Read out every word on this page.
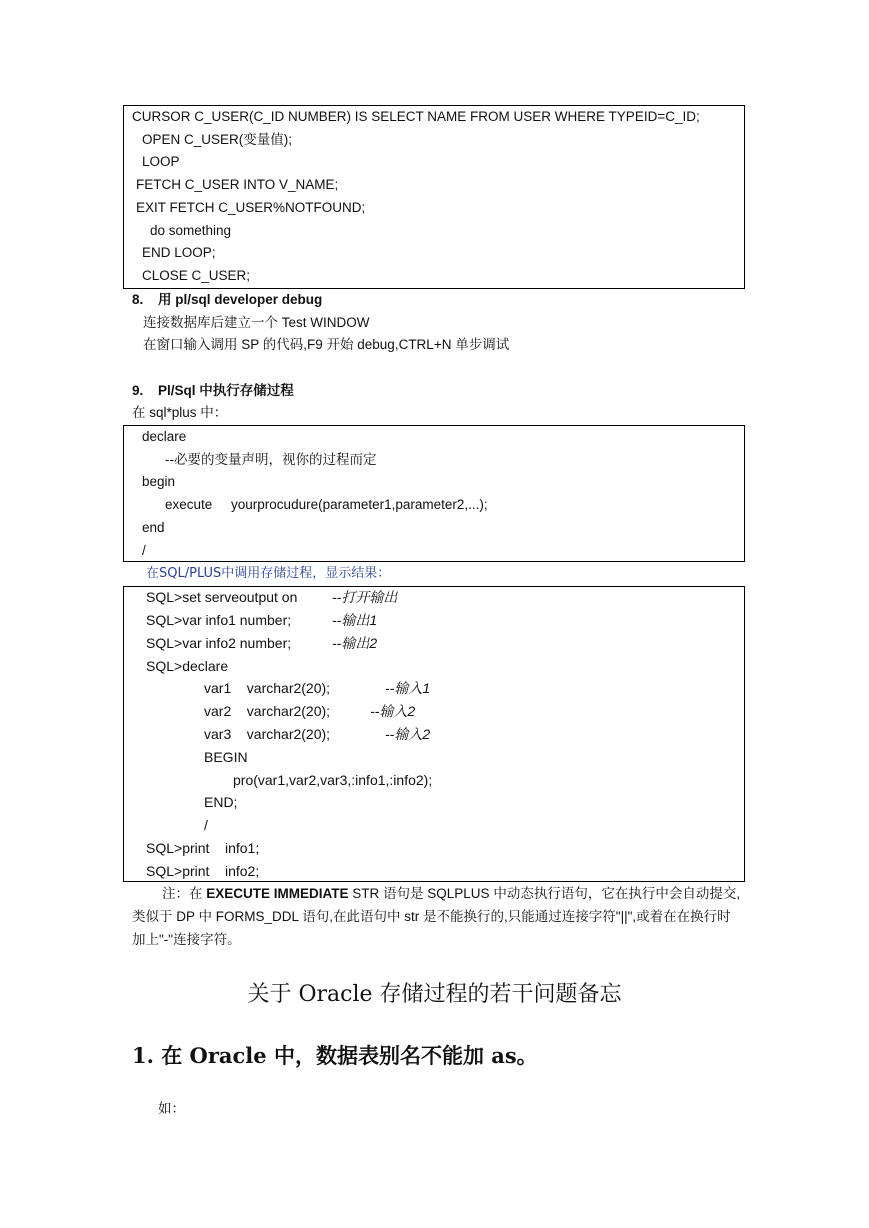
CURSOR C_USER(C_ID NUMBER) IS SELECT NAME FROM USER WHERE TYPEID=C_ID;
OPEN C_USER(变量值);
LOOP
FETCH C_USER INTO V_NAME;
EXIT FETCH C_USER%NOTFOUND;
do something
END LOOP;
CLOSE C_USER;
8. 用 pl/sql developer debug
连接数据库后建立一个 Test WINDOW
在窗口输入调用 SP 的代码,F9 开始 debug,CTRL+N 单步调试
9. Pl/Sql 中执行存储过程
在 sql*plus 中：
declare
--必要的变量声明，视你的过程而定
begin
execute     yourprocudure(parameter1,parameter2,...);
end
/
在SQL/PLUS中调用存储过程，显示结果：
SQL>set serveoutput on --打开输出
SQL>var info1 number;	--输出1
SQL>var info2 number;	--输出2
SQL>declare
var1    varchar2(20);	--输入1
var2    varchar2(20);	--输入2
var3    varchar2(20);	--输入2
BEGIN
pro(var1,var2,var3,:info1,:info2);
END;
/
SQL>print    info1;
SQL>print    info2;
注：在 EXECUTE IMMEDIATE STR 语句是 SQLPLUS 中动态执行语句，它在执行中会自动提交,类似于 DP 中 FORMS_DDL 语句,在此语句中 str 是不能换行的,只能通过连接字符"||",或着在在换行时加上"-"连接字符。
关于 Oracle 存储过程的若干问题备忘
1. 在 Oracle 中，数据表别名不能加 as。
如：
